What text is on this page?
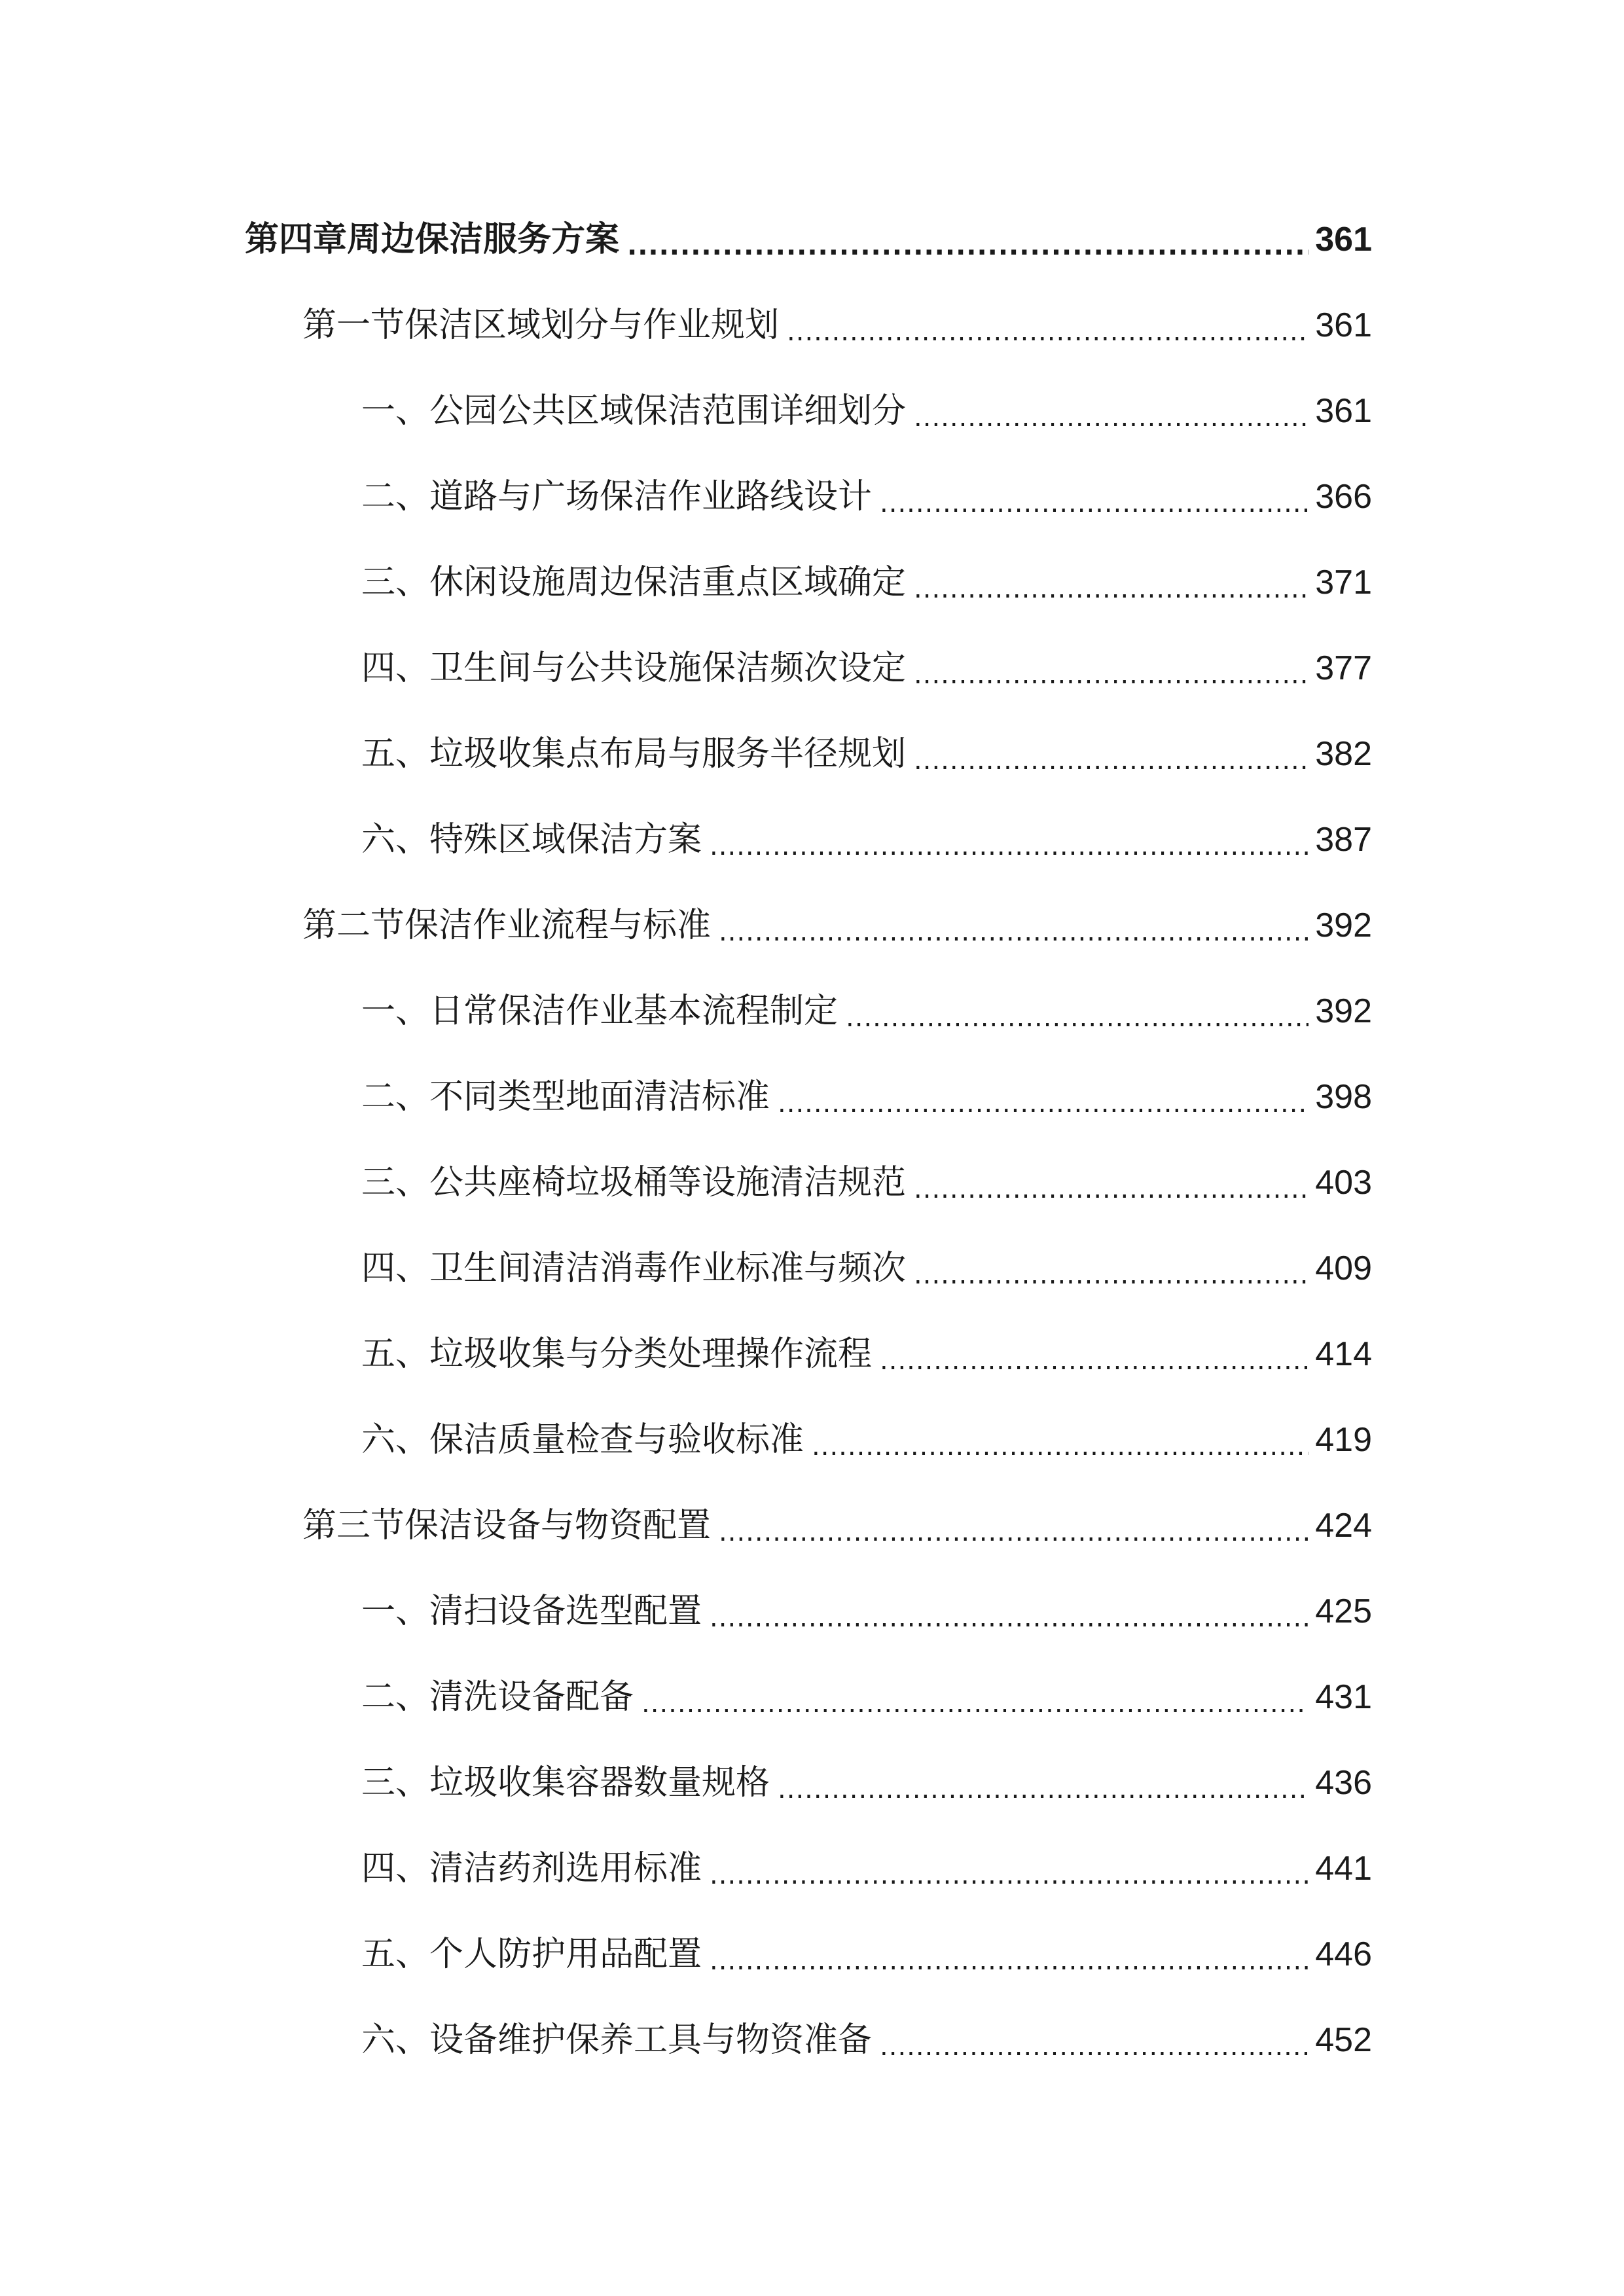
第四章周边保洁服务方案 .....	361
第一节保洁区域划分与作业规划 .....	361
一、公园公共区域保洁范围详细划分 .....	361
二、道路与广场保洁作业路线设计 .....	366
三、休闲设施周边保洁重点区域确定 .....	371
四、卫生间与公共设施保洁频次设定 .....	377
五、垃圾收集点布局与服务半径规划 .....	382
六、特殊区域保洁方案 .....	387
第二节保洁作业流程与标准 .....	392
一、日常保洁作业基本流程制定 .....	392
二、不同类型地面清洁标准 .....	398
三、公共座椅垃圾桶等设施清洁规范 .....	403
四、卫生间清洁消毒作业标准与频次 .....	409
五、垃圾收集与分类处理操作流程 .....	414
六、保洁质量检查与验收标准 .....	419
第三节保洁设备与物资配置 .....	424
一、清扫设备选型配置 .....	425
二、清洗设备配备 .....	431
三、垃圾收集容器数量规格 .....	436
四、清洁药剂选用标准 .....	441
五、个人防护用品配置 .....	446
六、设备维护保养工具与物资准备 .....	452
